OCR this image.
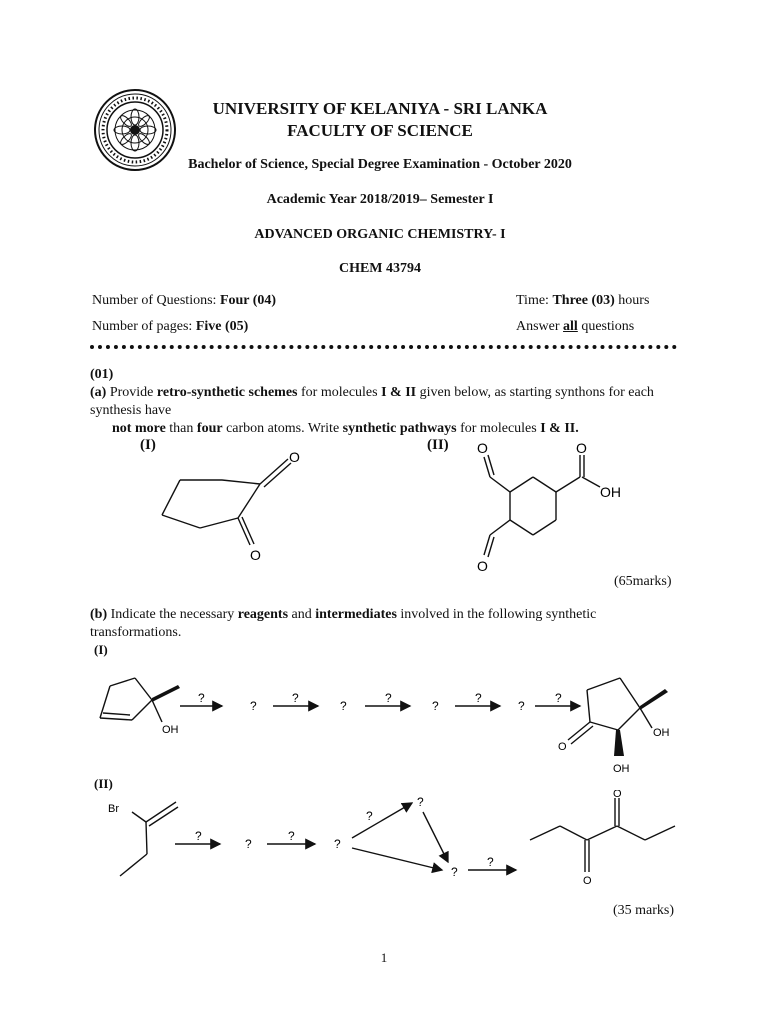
UNIVERSITY OF KELANIYA - SRI LANKA
FACULTY OF SCIENCE
Bachelor of Science, Special Degree Examination - October 2020
Academic Year 2018/2019– Semester I
ADVANCED ORGANIC CHEMISTRY- I
CHEM 43794
Number of Questions: Four (04)
Number of pages: Five (05)
Time: Three (03) hours
Answer all questions
(01)
(a) Provide retro-synthetic schemes for molecules I & II given below, as starting synthons for each synthesis have
not more than four carbon atoms. Write synthetic pathways for molecules I & II.
(I)	(II)
O
O
O	O
OH
O
(65marks)
(b) Indicate the necessary reagents and intermediates involved in the following synthetic transformations.
(I)
OH
?
?
?
?
?
?
?
?
?
O
OH
OH
(II)
Br
?
?
?
?
?
?
?
?
O
O
(35 marks)
1
